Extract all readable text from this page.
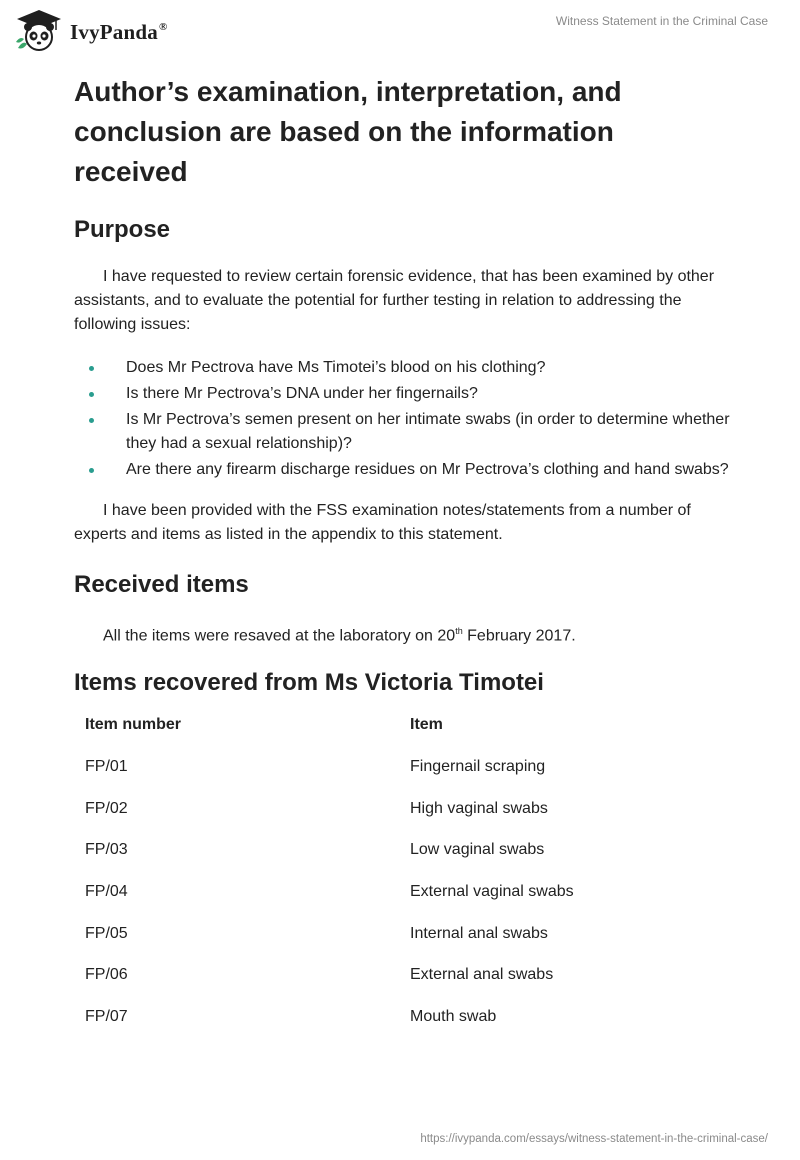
IvyPanda®	Witness Statement in the Criminal Case
Author’s examination, interpretation, and conclusion are based on the information received
Purpose

I have requested to review certain forensic evidence, that has been examined by other assistants, and to evaluate the potential for further testing in relation to addressing the following issues:

Does Mr Pectrova have Ms Timotei’s blood on his clothing?
Is there Mr Pectrova’s DNA under her fingernails?
Is Mr Pectrova’s semen present on her intimate swabs (in order to determine whether they had a sexual relationship)?
Are there any firearm discharge residues on Mr Pectrova’s clothing and hand swabs?

I have been provided with the FSS examination notes/statements from a number of experts and items as listed in the appendix to this statement.

Received items

All the items were resaved at the laboratory on 20th February 2017.

Items recovered from Ms Victoria Timotei
Item number	Item
FP/01	Fingernail scraping
FP/02	High vaginal swabs
FP/03	Low vaginal swabs
FP/04	External vaginal swabs
FP/05	Internal anal swabs
FP/06	External anal swabs
FP/07	Mouth swab
https://ivypanda.com/essays/witness-statement-in-the-criminal-case/
